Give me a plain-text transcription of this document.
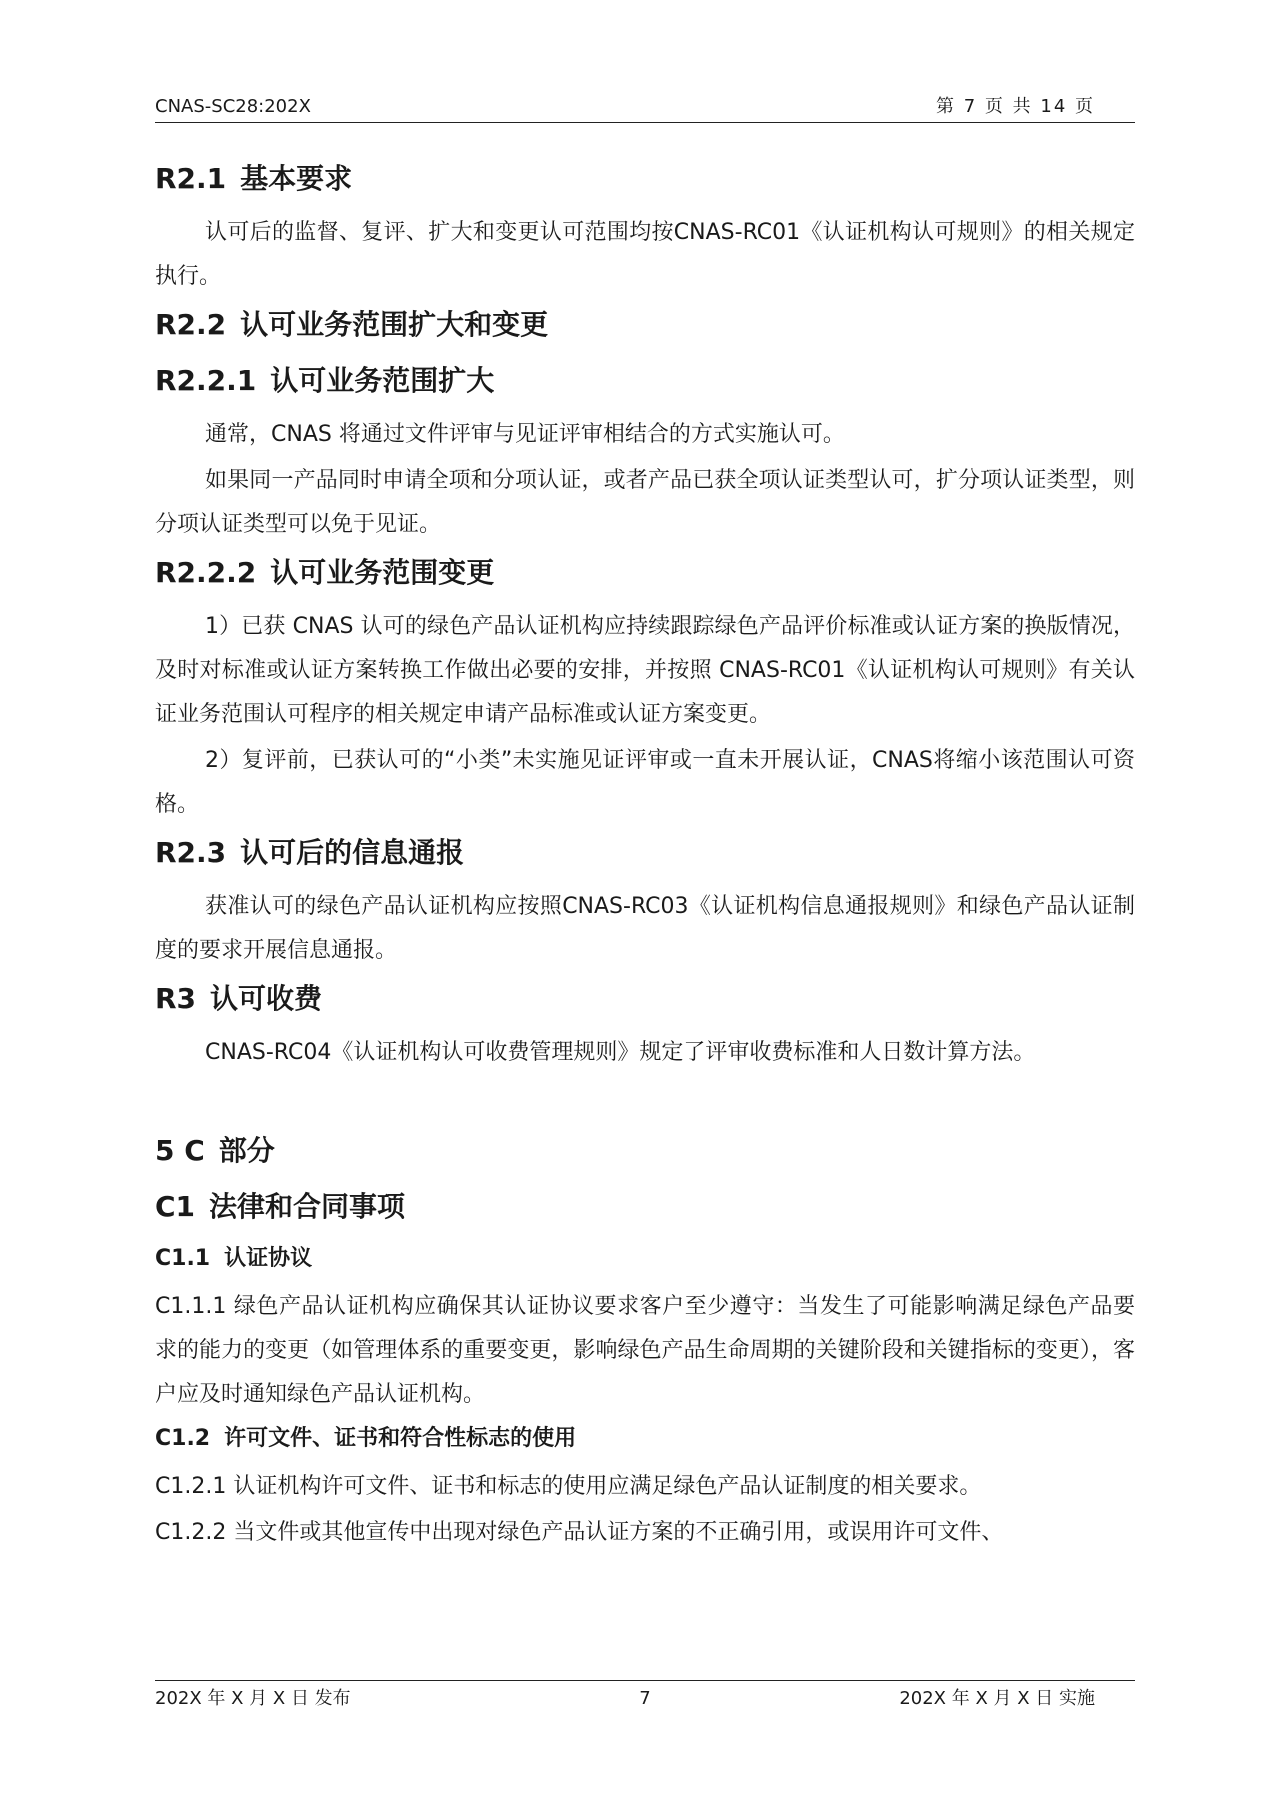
CNAS-SC28:202X	第 7 页 共 14 页
R2.1 基本要求

认可后的监督、复评、扩大和变更认可范围均按CNAS-RC01《认证机构认可规则》的相关规定执行。

R2.2 认可业务范围扩大和变更
R2.2.1 认可业务范围扩大

通常，CNAS 将通过文件评审与见证评审相结合的方式实施认可。

如果同一产品同时申请全项和分项认证，或者产品已获全项认证类型认可，扩分项认证类型，则分项认证类型可以免于见证。

R2.2.2 认可业务范围变更

1）已获 CNAS 认可的绿色产品认证机构应持续跟踪绿色产品评价标准或认证方案的换版情况，及时对标准或认证方案转换工作做出必要的安排，并按照 CNAS-RC01《认证机构认可规则》有关认证业务范围认可程序的相关规定申请产品标准或认证方案变更。

2）复评前，已获认可的“小类”未实施见证评审或一直未开展认证，CNAS将缩小该范围认可资格。

R2.3 认可后的信息通报

获准认可的绿色产品认证机构应按照CNAS-RC03《认证机构信息通报规则》和绿色产品认证制度的要求开展信息通报。

R3 认可收费

CNAS-RC04《认证机构认可收费管理规则》规定了评审收费标准和人日数计算方法。

5 C 部分
C1 法律和合同事项
C1.1 认证协议

C1.1.1 绿色产品认证机构应确保其认证协议要求客户至少遵守：当发生了可能影响满足绿色产品要求的能力的变更（如管理体系的重要变更，影响绿色产品生命周期的关键阶段和关键指标的变更），客户应及时通知绿色产品认证机构。

C1.2 许可文件、证书和符合性标志的使用

C1.2.1 认证机构许可文件、证书和标志的使用应满足绿色产品认证制度的相关要求。

C1.2.2 当文件或其他宣传中出现对绿色产品认证方案的不正确引用，或误用许可文件、

202X 年 X 月 X 日 发布	7	202X 年 X 月 X 日 实施
